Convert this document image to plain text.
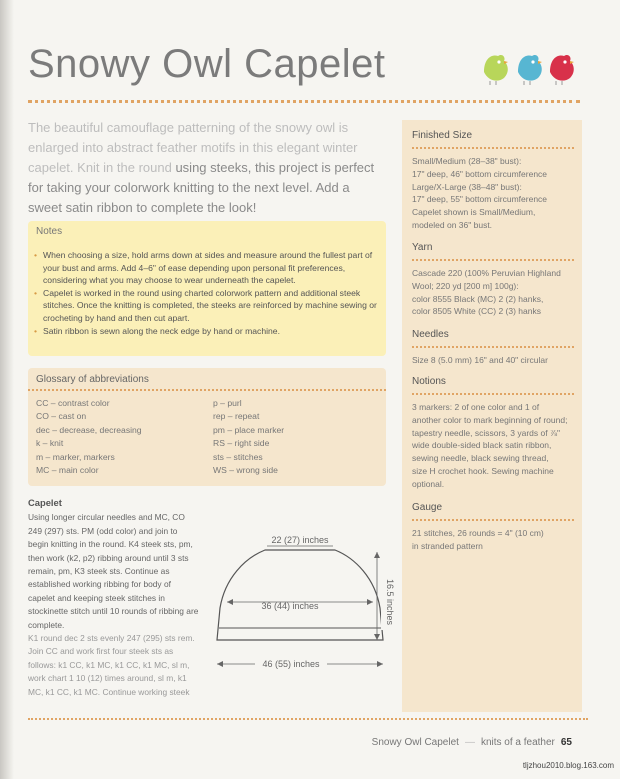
Snowy Owl Capelet
The beautiful camouflage patterning of the snowy owl is enlarged into abstract feather motifs in this elegant winter capelet. Knit in the round using steeks, this project is perfect for taking your colorwork knitting to the next level. Add a sweet satin ribbon to complete the look!
Notes
• When choosing a size, hold arms down at sides and measure around the fullest part of your bust and arms. Add 4–6" of ease depending upon personal fit preferences, considering what you may choose to wear underneath the capelet.
• Capelet is worked in the round using charted colorwork pattern and additional steek stitches. Once the knitting is completed, the steeks are reinforced by machine sewing or crocheting by hand and then cut apart.
• Satin ribbon is sewn along the neck edge by hand or machine.
Glossary of abbreviations
CC – contrast color
CO – cast on
dec – decrease, decreasing
k – knit
m – marker, markers
MC – main color
p – purl
rep – repeat
pm – place marker
RS – right side
sts – stitches
WS – wrong side
Capelet
Using longer circular needles and MC, CO 249 (297) sts. PM (odd color) and join to begin knitting in the round. K4 steek sts, pm, then work (k2, p2) ribbing around until 3 sts remain, pm, K3 steek sts. Continue as established working ribbing for body of capelet and keeping steek stitches in stockinette stitch until 10 rounds of ribbing are complete.
K1 round dec 2 sts evenly 247 (295) sts rem. Join CC and work first four steek sts as follows: k1 CC, k1 MC, k1 CC, k1 MC, sl m, work chart 1 10 (12) times around, sl m, k1 MC, k1 CC, k1 MC. Continue working steek
22 (27) inches
36 (44) inches
46 (55) inches
16.5 inches
Finished Size
Small/Medium (28–38" bust):
17" deep, 46" bottom circumference
Large/X-Large (38–48" bust):
17" deep, 55" bottom circumference
Capelet shown is Small/Medium,
modeled on 36" bust.
Yarn
Cascade 220 (100% Peruvian Highland
Wool; 220 yd [200 m] 100g):
color 8555 Black (MC) 2 (2) hanks,
color 8505 White (CC) 2 (3) hanks
Needles
Size 8 (5.0 mm) 16" and 40" circular
Notions
3 markers: 2 of one color and 1 of
another color to mark beginning of round;
tapestry needle, scissors, 3 yards of ⅞"
wide double-sided black satin ribbon,
sewing needle, black sewing thread,
size H crochet hook. Sewing machine
optional.
Gauge
21 stitches, 26 rounds = 4" (10 cm)
in stranded pattern
Snowy Owl Capelet — knits of a feather 65
tljzhou2010.blog.163.com
